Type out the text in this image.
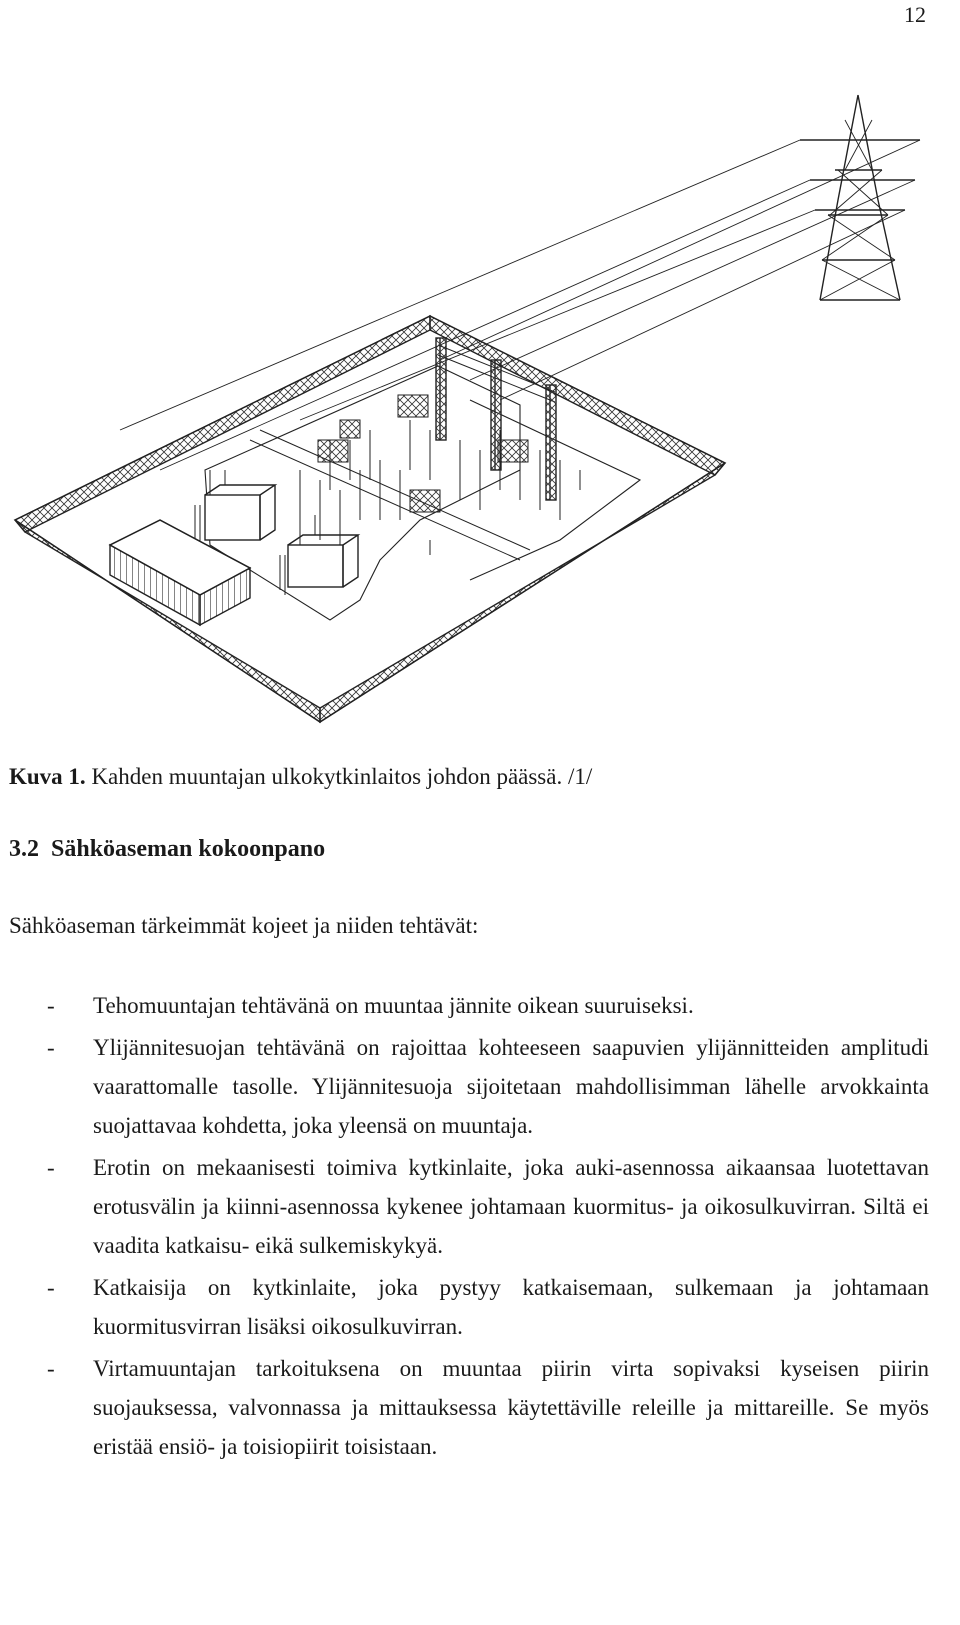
12
Kuva 1. Kahden muuntajan ulkokytkinlaitos johdon päässä. /1/
3.2 Sähköaseman kokoonpano
Sähköaseman tärkeimmät kojeet ja niiden tehtävät:
- Tehomuuntajan tehtävänä on muuntaa jännite oikean suuruiseksi.
- Ylijännitesuojan tehtävänä on rajoittaa kohteeseen saapuvien ylijännitteiden amplitudi vaarattomalle tasolle. Ylijännitesuoja sijoitetaan mahdollisimman lähelle arvokkainta suojattavaa kohdetta, joka yleensä on muuntaja.
- Erotin on mekaanisesti toimiva kytkinlaite, joka auki-asennossa aikaansaa luotettavan erotusvälin ja kiinni-asennossa kykenee johtamaan kuormitus- ja oikosulkuvirran. Siltä ei vaadita katkaisu- eikä sulkemiskykyä.
- Katkaisija on kytkinlaite, joka pystyy katkaisemaan, sulkemaan ja johtamaan kuormitusvirran lisäksi oikosulkuvirran.
- Virtamuuntajan tarkoituksena on muuntaa piirin virta sopivaksi kyseisen piirin suojauksessa, valvonnassa ja mittauksessa käytettäville releille ja mittareille. Se myös eristää ensiö- ja toisiopiirit toisistaan.
